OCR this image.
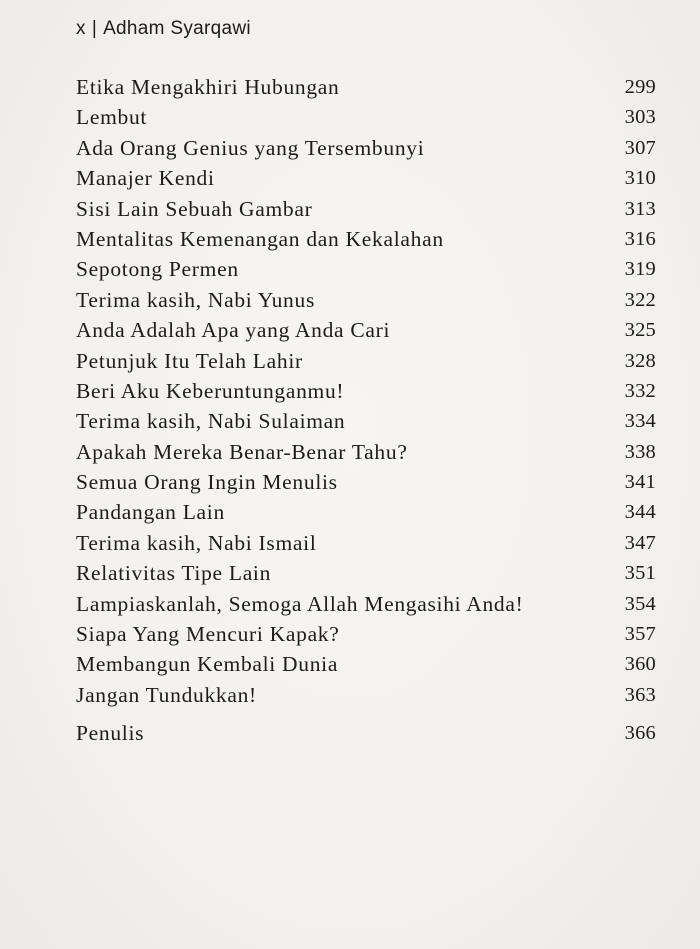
x | Adham Syarqawi
Etika Mengakhiri Hubungan	299
Lembut	303
Ada Orang Genius yang Tersembunyi	307
Manajer Kendi	310
Sisi Lain Sebuah Gambar	313
Mentalitas Kemenangan dan Kekalahan	316
Sepotong Permen	319
Terima kasih, Nabi Yunus	322
Anda Adalah Apa yang Anda Cari	325
Petunjuk Itu Telah Lahir	328
Beri Aku Keberuntunganmu!	332
Terima kasih, Nabi Sulaiman	334
Apakah Mereka Benar-Benar Tahu?	338
Semua Orang Ingin Menulis	341
Pandangan Lain	344
Terima kasih, Nabi Ismail	347
Relativitas Tipe Lain	351
Lampiaskanlah, Semoga Allah Mengasihi Anda!	354
Siapa Yang Mencuri Kapak?	357
Membangun Kembali Dunia	360
Jangan Tundukkan!	363
Penulis	366
